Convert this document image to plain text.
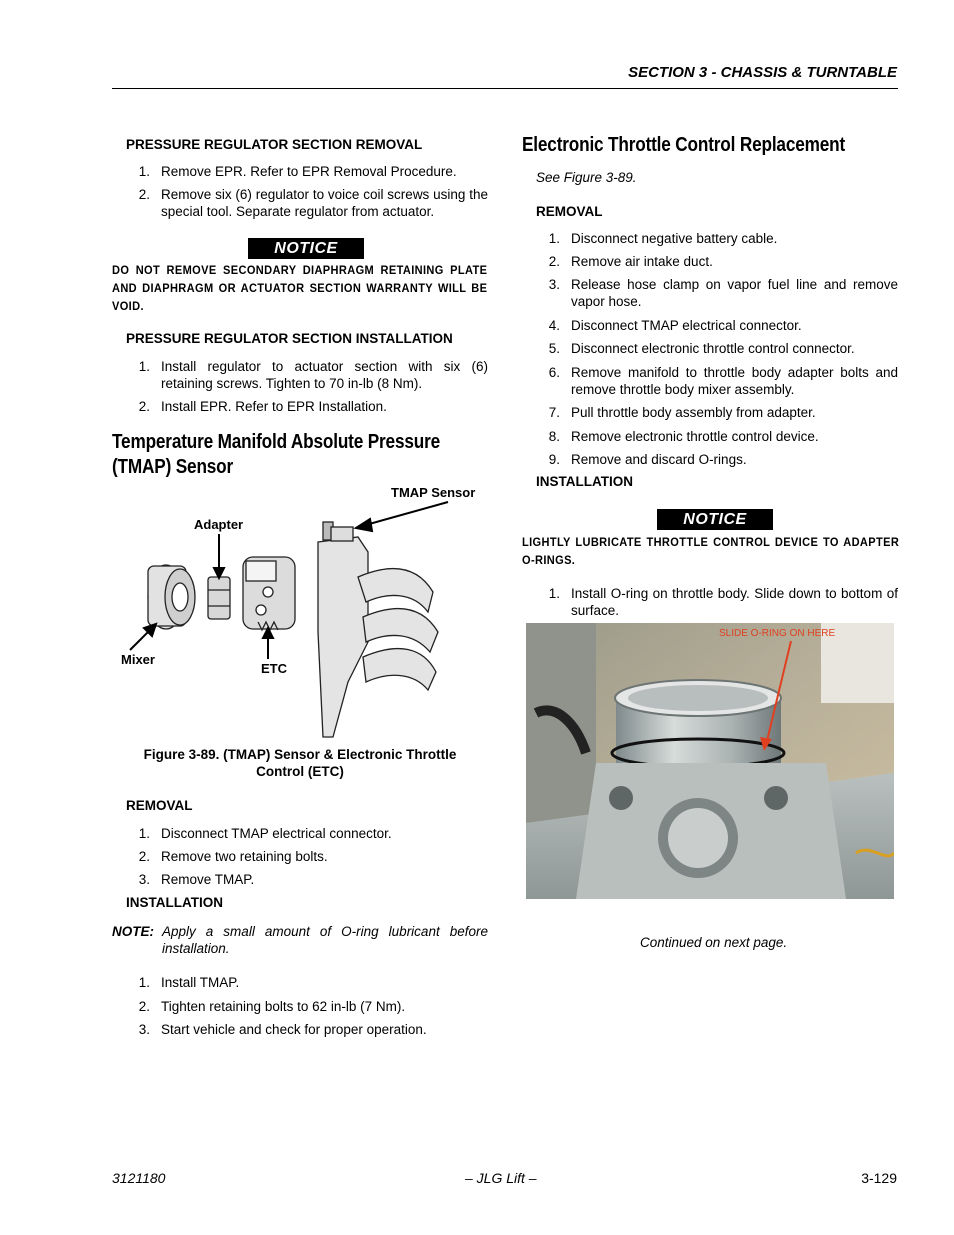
SECTION 3 - CHASSIS & TURNTABLE
PRESSURE REGULATOR SECTION REMOVAL
1. Remove EPR. Refer to EPR Removal Procedure.
2. Remove six (6) regulator to voice coil screws using the special tool. Separate regulator from actuator.
NOTICE
DO NOT REMOVE SECONDARY DIAPHRAGM RETAINING PLATE AND DIAPHRAGM OR ACTUATOR SECTION WARRANTY WILL BE VOID.
PRESSURE REGULATOR SECTION INSTALLATION
1. Install regulator to actuator section with six (6) retaining screws. Tighten to 70 in-lb (8 Nm).
2. Install EPR. Refer to EPR Installation.
Temperature Manifold Absolute Pressure
(TMAP) Sensor
TMAP Sensor
Adapter
Mixer
ETC
Figure 3-89. (TMAP) Sensor & Electronic Throttle
Control (ETC)
REMOVAL
1. Disconnect TMAP electrical connector.
2. Remove two retaining bolts.
3. Remove TMAP.
INSTALLATION
NOTE: Apply a small amount of O-ring lubricant before installation.
1. Install TMAP.
2. Tighten retaining bolts to 62 in-lb (7 Nm).
3. Start vehicle and check for proper operation.
Electronic Throttle Control Replacement
See Figure 3-89.
REMOVAL
1. Disconnect negative battery cable.
2. Remove air intake duct.
3. Release hose clamp on vapor fuel line and remove vapor hose.
4. Disconnect TMAP electrical connector.
5. Disconnect electronic throttle control connector.
6. Remove manifold to throttle body adapter bolts and remove throttle body mixer assembly.
7. Pull throttle body assembly from adapter.
8. Remove electronic throttle control device.
9. Remove and discard O-rings.
INSTALLATION
NOTICE
LIGHTLY LUBRICATE THROTTLE CONTROL DEVICE TO ADAPTER O-RINGS.
1. Install O-ring on throttle body. Slide down to bottom of surface.
SLIDE O-RING ON HERE
Continued on next page.
3121180	– JLG Lift –	3-129
